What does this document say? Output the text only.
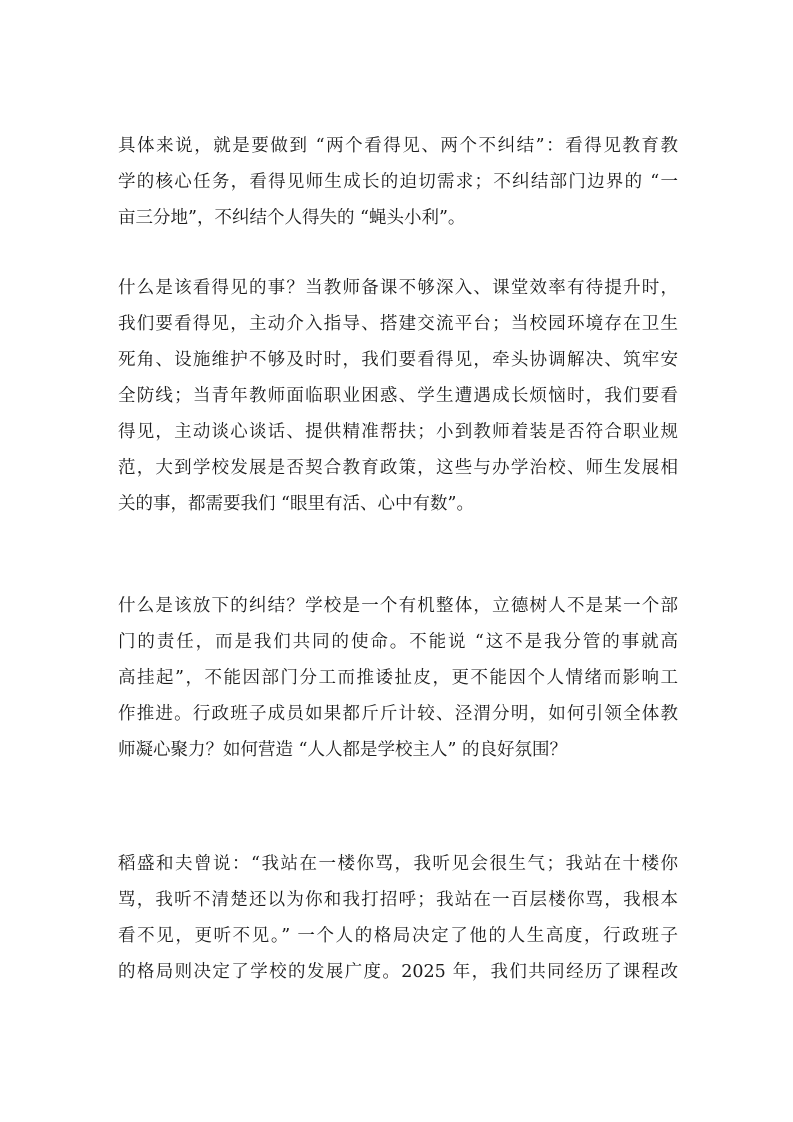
具体来说，就是要做到 “两个看得见、两个不纠结”：看得见教育教
学的核心任务，看得见师生成长的迫切需求；不纠结部门边界的 “一
亩三分地”，不纠结个人得失的 “蝇头小利”。
什么是该看得见的事？当教师备课不够深入、课堂效率有待提升时，
我们要看得见，主动介入指导、搭建交流平台；当校园环境存在卫生
死角、设施维护不够及时时，我们要看得见，牵头协调解决、筑牢安
全防线；当青年教师面临职业困惑、学生遭遇成长烦恼时，我们要看
得见，主动谈心谈话、提供精准帮扶；小到教师着装是否符合职业规
范，大到学校发展是否契合教育政策，这些与办学治校、师生发展相
关的事，都需要我们 “眼里有活、心中有数”。
什么是该放下的纠结？学校是一个有机整体，立德树人不是某一个部
门的责任，而是我们共同的使命。不能说 “这不是我分管的事就高
高挂起”，不能因部门分工而推诿扯皮，更不能因个人情绪而影响工
作推进。行政班子成员如果都斤斤计较、泾渭分明，如何引领全体教
师凝心聚力？如何营造 “人人都是学校主人” 的良好氛围？
稻盛和夫曾说：“我站在一楼你骂，我听见会很生气；我站在十楼你
骂，我听不清楚还以为你和我打招呼；我站在一百层楼你骂，我根本
看不见，更听不见。” 一个人的格局决定了他的人生高度，行政班子
的格局则决定了学校的发展广度。2025 年，我们共同经历了课程改
